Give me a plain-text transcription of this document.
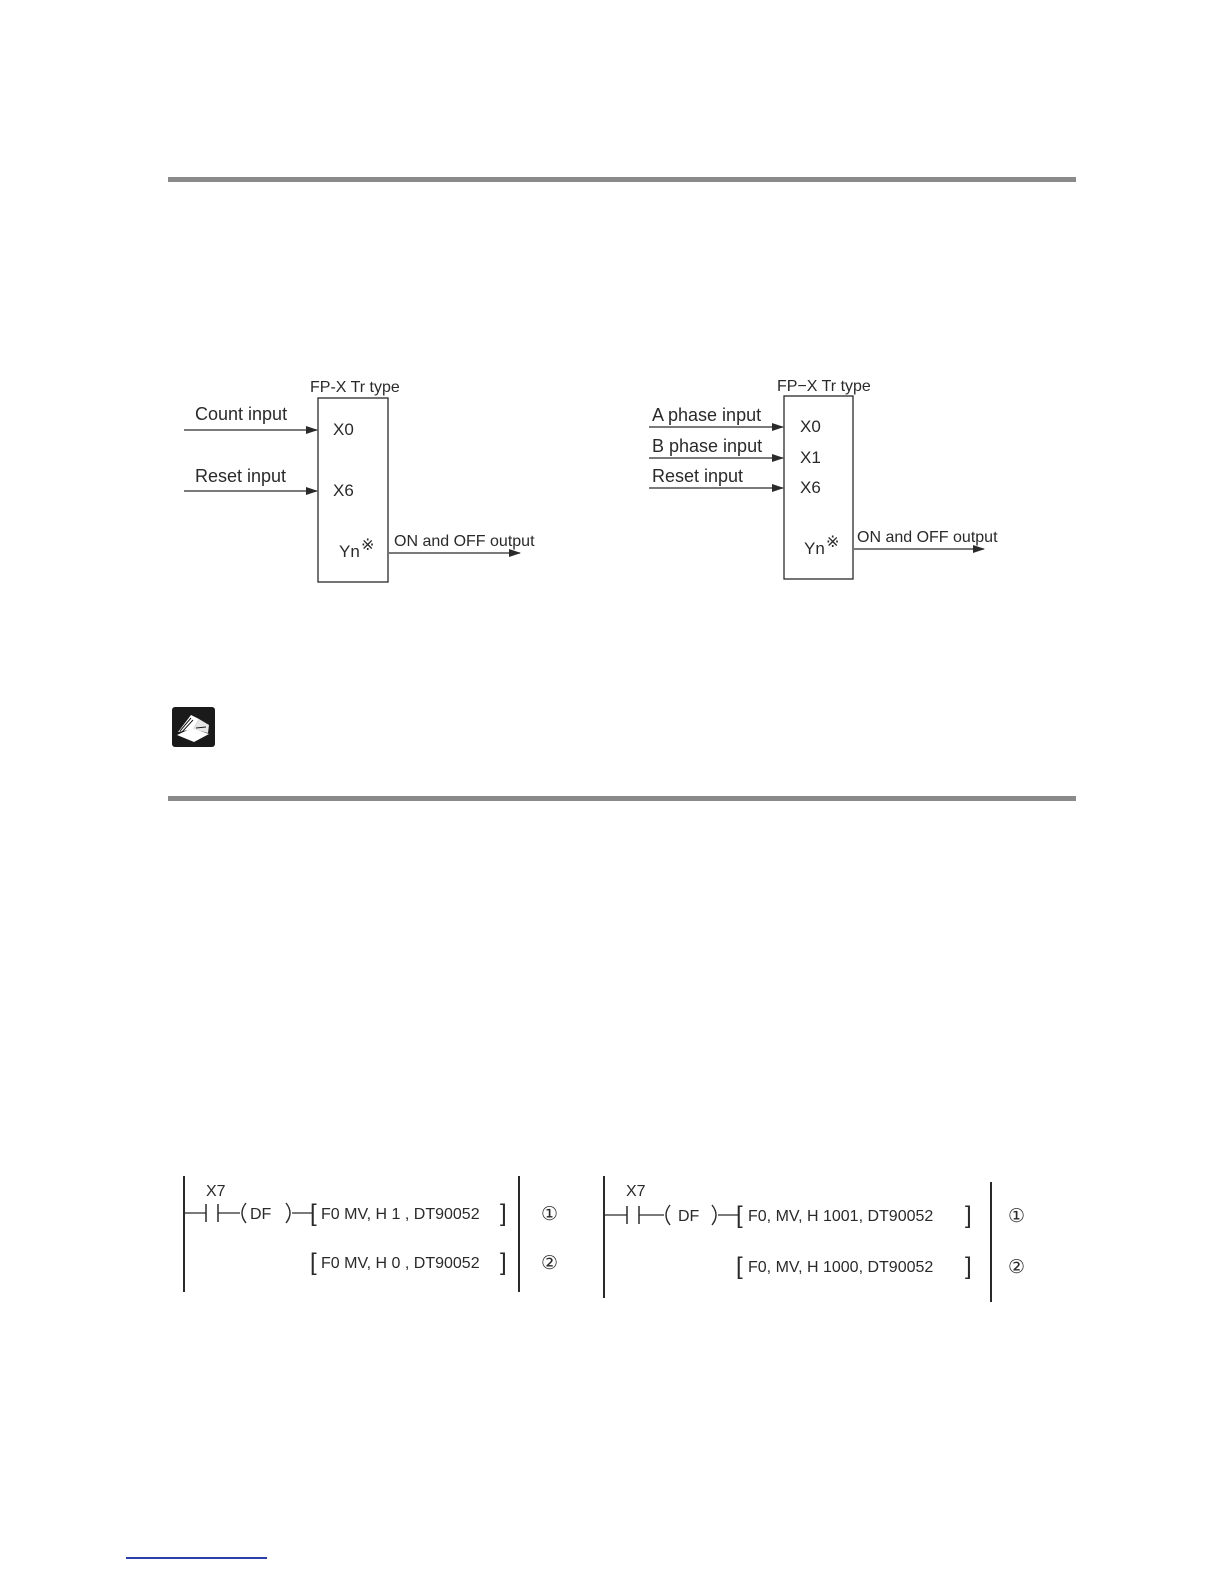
FP-X Tr type
Count input
X0
Reset input
X6
Yn ※ ON and OFF output
FP−X Tr type
A phase input
X0
B phase input
X1
Reset input
X6
Yn ※ ON and OFF output
X7
DF [ F0 MV, H 1 , DT90052 ] ①
[ F0 MV, H 0 , DT90052 ] ②
X7
DF [ F0, MV, H 1001, DT90052 ] ①
[ F0, MV, H 1000, DT90052 ] ②
